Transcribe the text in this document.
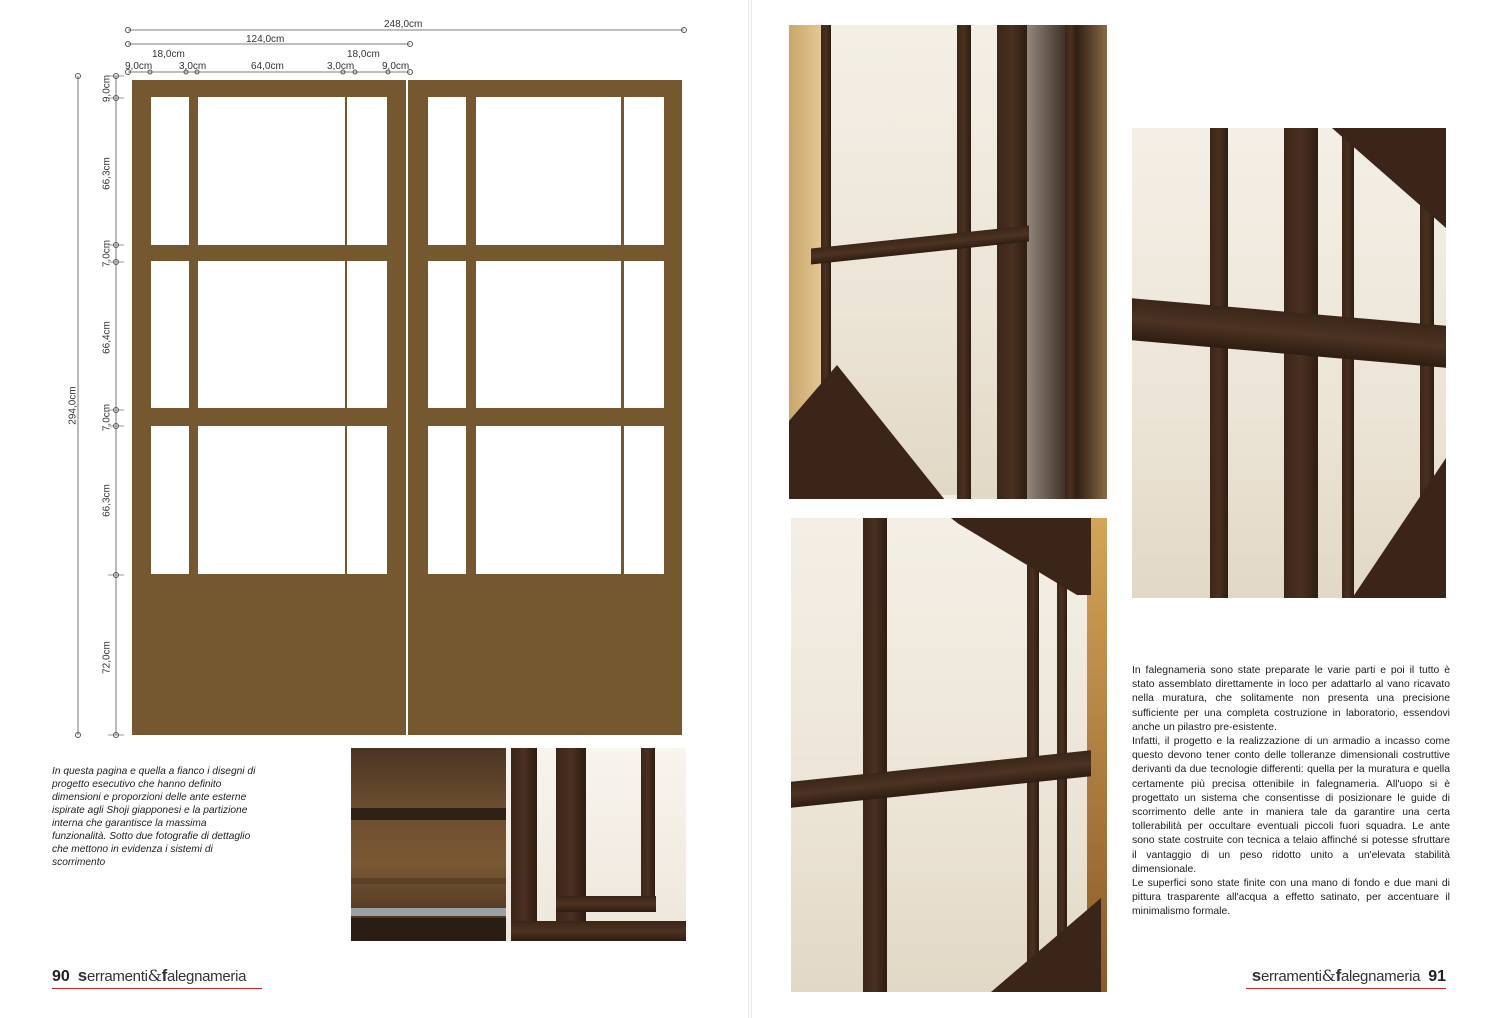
248,0cm
124,0cm
18,0cm	18,0cm
9,0cm	3,0cm	64,0cm	3,0cm	9,0cm
294,0cm
9,0cm
66,3cm
7,0cm
66,4cm
7,0cm
66,3cm
72,0cm

In questa pagina e quella a fianco i disegni di progetto esecutivo che hanno definito dimensioni e proporzioni delle ante esterne ispirate agli Shoji giapponesi e la partizione interna che garantisce la massima funzionalità. Sotto due fotografie di dettaglio che mettono in evidenza i sistemi di scorrimento

90 serramenti&falegnameria

In falegnameria sono state preparate le varie parti e poi il tutto è stato assemblato direttamente in loco per adattarlo al vano ricavato nella muratura, che solitamente non presenta una precisione sufficiente per una completa costruzione in laboratorio, essendovi anche un pilastro pre-esistente.

Infatti, il progetto e la realizzazione di un armadio a incasso come questo devono tener conto delle tolleranze dimensionali costruttive derivanti da due tecnologie differenti: quella per la muratura e quella certamente più precisa ottenibile in falegnameria. All'uopo si è progettato un sistema che consentisse di posizionare le guide di scorrimento delle ante in maniera tale da garantire una certa tollerabilità per occultare eventuali piccoli fuori squadra. Le ante sono state costruite con tecnica a telaio affinché si potesse sfruttare il vantaggio di un peso ridotto unito a un'elevata stabilità dimensionale.

Le superfici sono state finite con una mano di fondo e due mani di pittura trasparente all'acqua a effetto satinato, per accentuare il minimalismo formale.

serramenti&falegnameria 91
